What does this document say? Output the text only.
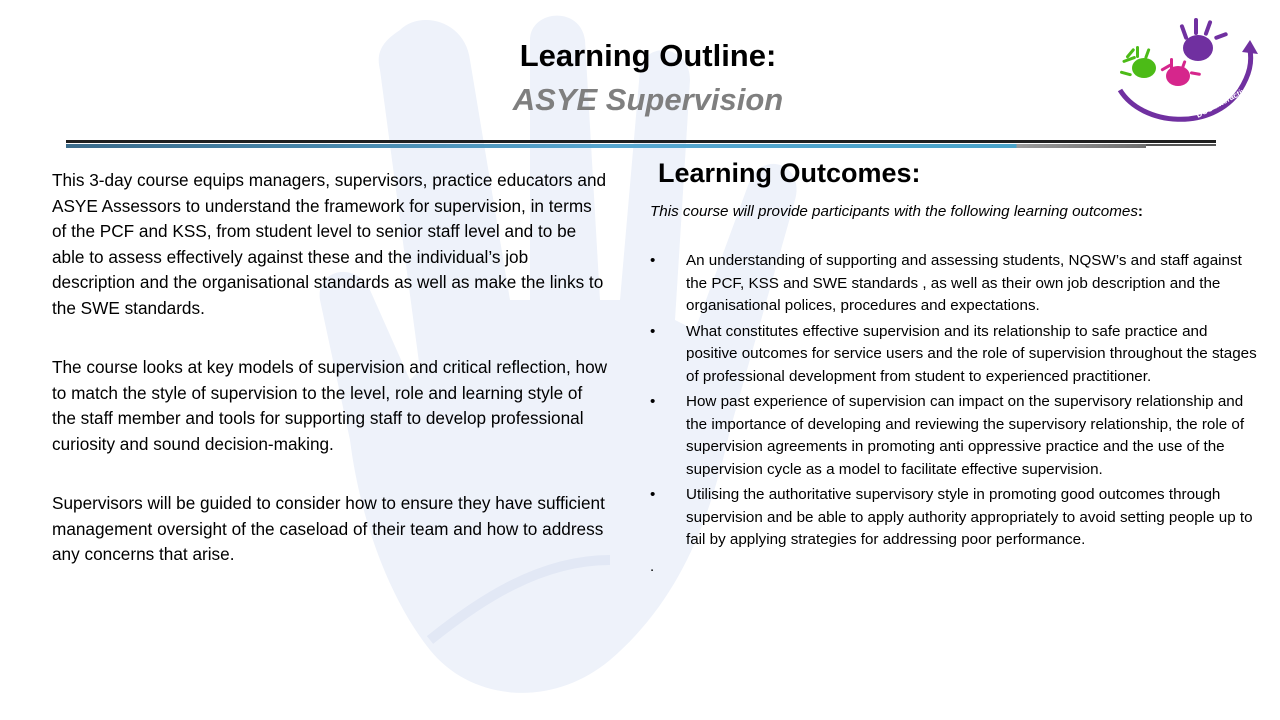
Learning Outline:
ASYE Supervision	DCC Interactive

This 3-day course equips managers, supervisors, practice educators and ASYE Assessors to understand the framework for supervision, in terms of the PCF and KSS, from student level to senior staff level and to be able to assess effectively against these and the individual’s job description and the organisational standards as well as make the links to the SWE standards.

The course looks at key models of supervision and critical reflection, how to match the style of supervision to the level, role and learning style of the staff member and tools for supporting staff to develop professional curiosity and sound decision-making.

Supervisors will be guided to consider how to ensure they have sufficient management oversight of the caseload of their team and how to address any concerns that arise.

Learning Outcomes:
This course will provide participants with the following learning outcomes:
• An understanding of supporting and assessing students, NQSW’s and staff against the PCF, KSS and SWE standards , as well as their own job description and the organisational polices, procedures and expectations.
• What constitutes effective supervision and its relationship to safe practice and positive outcomes for service users and the role of supervision throughout the stages of professional development from student to experienced practitioner.
• How past experience of supervision can impact on the supervisory relationship and the importance of developing and reviewing the supervisory relationship, the role of supervision agreements in promoting anti oppressive practice and the use of the supervision cycle as a model to facilitate effective supervision.
• Utilising the authoritative supervisory style in promoting good outcomes through supervision and be able to apply authority appropriately to avoid setting people up to fail by applying strategies for addressing poor performance.
.
